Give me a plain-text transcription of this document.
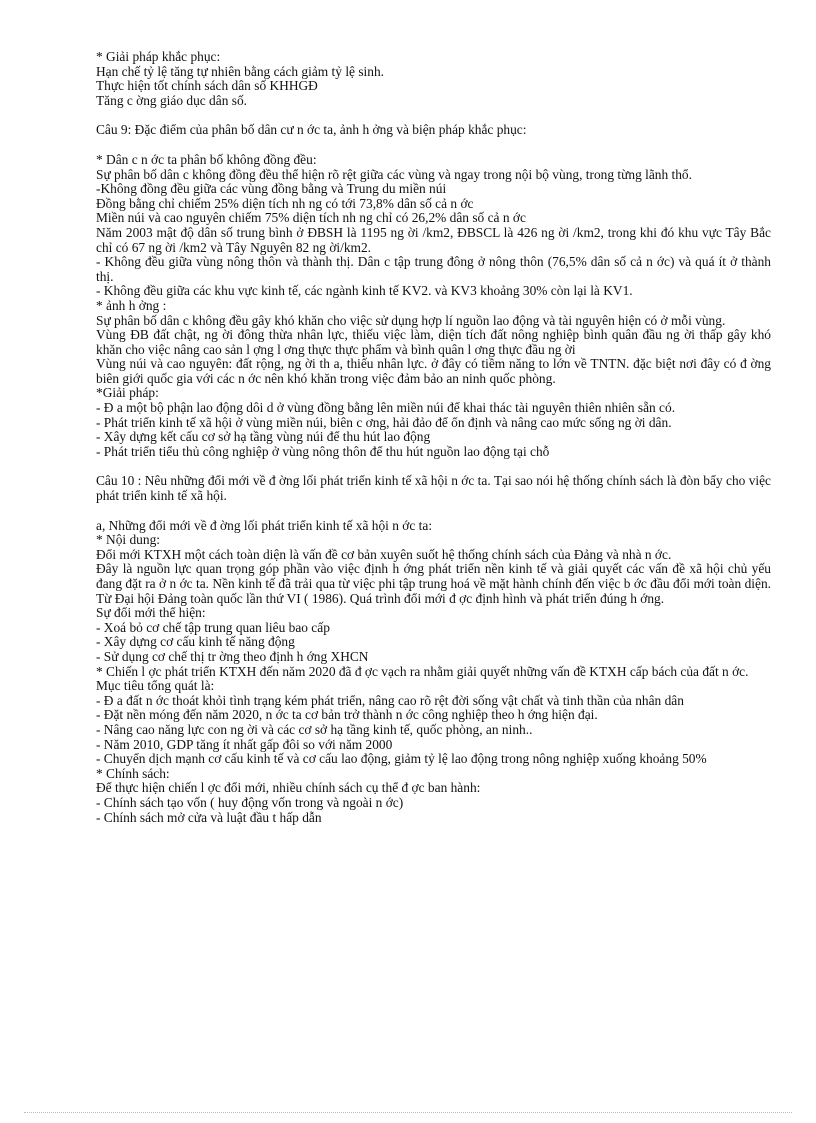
* Giải pháp khắc phục:

Hạn chế tỷ lệ tăng tự nhiên bằng cách giảm tỷ lệ sinh.

Thực hiện tốt chính sách dân số KHHGĐ

Tăng c ờng giáo dục dân số.

Câu 9: Đặc điểm của phân bố dân cư n ớc ta, ảnh h ởng và biện pháp khắc phục:

* Dân c n ớc ta phân bố không đồng đều:

Sự phân bố dân c không đồng đều thể hiện rõ rệt giữa các vùng và ngay trong nội bộ vùng, trong từng lãnh thổ.

-Không đồng đều giữa các vùng đồng bằng và Trung du miền núi

Đồng bằng chỉ chiếm 25% diện tích nh ng có tới 73,8% dân số cả n ớc

Miền núi và cao nguyên chiếm 75% diện tích nh ng chỉ có 26,2% dân số cả n ớc

Năm 2003 mật độ dân số trung bình ở ĐBSH là 1195 ng ời /km2, ĐBSCL là 426 ng ời /km2, trong khi đó khu vực Tây Bắc chỉ có 67 ng ời /km2 và Tây Nguyên 82 ng ời/km2.

- Không đều giữa vùng nông thôn và thành thị. Dân c tập trung đông ở nông thôn (76,5% dân số cả n ớc) và quá ít ở thành thị.

- Không đều giữa các khu vực kinh tế, các ngành kinh tế KV2. và KV3 khoảng 30% còn lại là KV1.

* ảnh h ởng :

Sự phân bố dân c không đều gây khó khăn cho việc sử dụng hợp lí nguồn lao động và tài nguyên hiện có ở mỗi vùng.

Vùng ĐB đất chật, ng ời đông thừa nhân lực, thiếu việc làm, diện tích đất nông nghiệp bình quân đầu ng ời thấp gây khó khăn cho việc nâng cao sản l ợng l ơng thực thực phẩm và bình quân l ơng thực đầu ng ời

Vùng núi và cao nguyên: đất rộng, ng ời th a, thiếu nhân lực. ở đây có tiềm năng to lớn về TNTN. đặc biệt nơi đây có đ ờng biên giới quốc gia với các n ớc nên khó khăn trong việc đảm bảo an ninh quốc phòng.

*Giải pháp:

- Đ a một bộ phận lao động dôi d ở vùng đồng bằng lên miền núi để khai thác tài nguyên thiên nhiên sẵn có.

- Phát triển kinh tế xã hội ở vùng miền núi, biên c ơng, hải đảo để ổn định và nâng cao mức sống ng ời dân.

- Xây dựng kết cấu cơ sở hạ tầng vùng núi để thu hút lao động

- Phát triển tiểu thủ công nghiệp ở vùng nông thôn để thu hút nguồn lao động tại chỗ

Câu 10 : Nêu những đổi mới về đ ờng lối phát triển kinh tế xã hội n ớc ta. Tại sao nói hệ thống chính sách là đòn bẩy cho việc phát triển kinh tế xã hội.

a, Những đổi mới về đ ờng lối phát triển kinh tế xã hội n ớc ta:

* Nội dung:

Đổi mới KTXH một cách toàn diện là vấn đề cơ bản xuyên suốt hệ thống chính sách của Đảng và nhà n ớc.

Đây là nguồn lực quan trọng góp phần vào việc định h ớng phát triển nền kinh tế và giải quyết các vấn đề xã hội chủ yếu đang đặt ra ở n ớc ta. Nền kinh tế đã trải qua từ việc phi tập trung hoá về mặt hành chính đến việc b ớc đầu đổi mới toàn diện. Từ Đại hội Đảng toàn quốc lần thứ VI ( 1986). Quá trình đổi mới đ ợc định hình và phát triển đúng h ớng.

Sự đổi mới thể hiện:

- Xoá bỏ cơ chế tập trung quan liêu bao cấp

- Xây dựng cơ cấu kinh tế năng động

- Sử dụng cơ chế thị tr ờng theo định h ớng XHCN

* Chiến l ợc phát triển KTXH đến năm 2020 đã đ ợc vạch ra nhằm giải quyết những vấn đề KTXH cấp bách của đất n ớc.

Mục tiêu tổng quát là:

- Đ a đất n ớc thoát khỏi tình trạng kém phát triển, nâng cao rõ rệt đời sống vật chất và tinh thần của nhân dân

- Đặt nền móng đến năm 2020, n ớc ta cơ bản trở thành n ớc công nghiệp theo h ớng hiện đại.

- Nâng cao năng lực con ng ời và các cơ sở hạ tầng kinh tế, quốc phòng, an ninh..

- Năm 2010, GDP tăng ít nhất gấp đôi so với năm 2000

- Chuyển dịch mạnh cơ cấu kinh tế và cơ cấu lao động, giảm tỷ lệ lao động trong nông nghiệp xuống khoảng 50%

* Chính sách:

Để thực hiện chiến l ợc đổi mới, nhiều chính sách cụ thể đ ợc ban hành:

- Chính sách tạo vốn ( huy động vốn trong và ngoài n ớc)

- Chính sách mở cửa và luật đầu t hấp dẫn
